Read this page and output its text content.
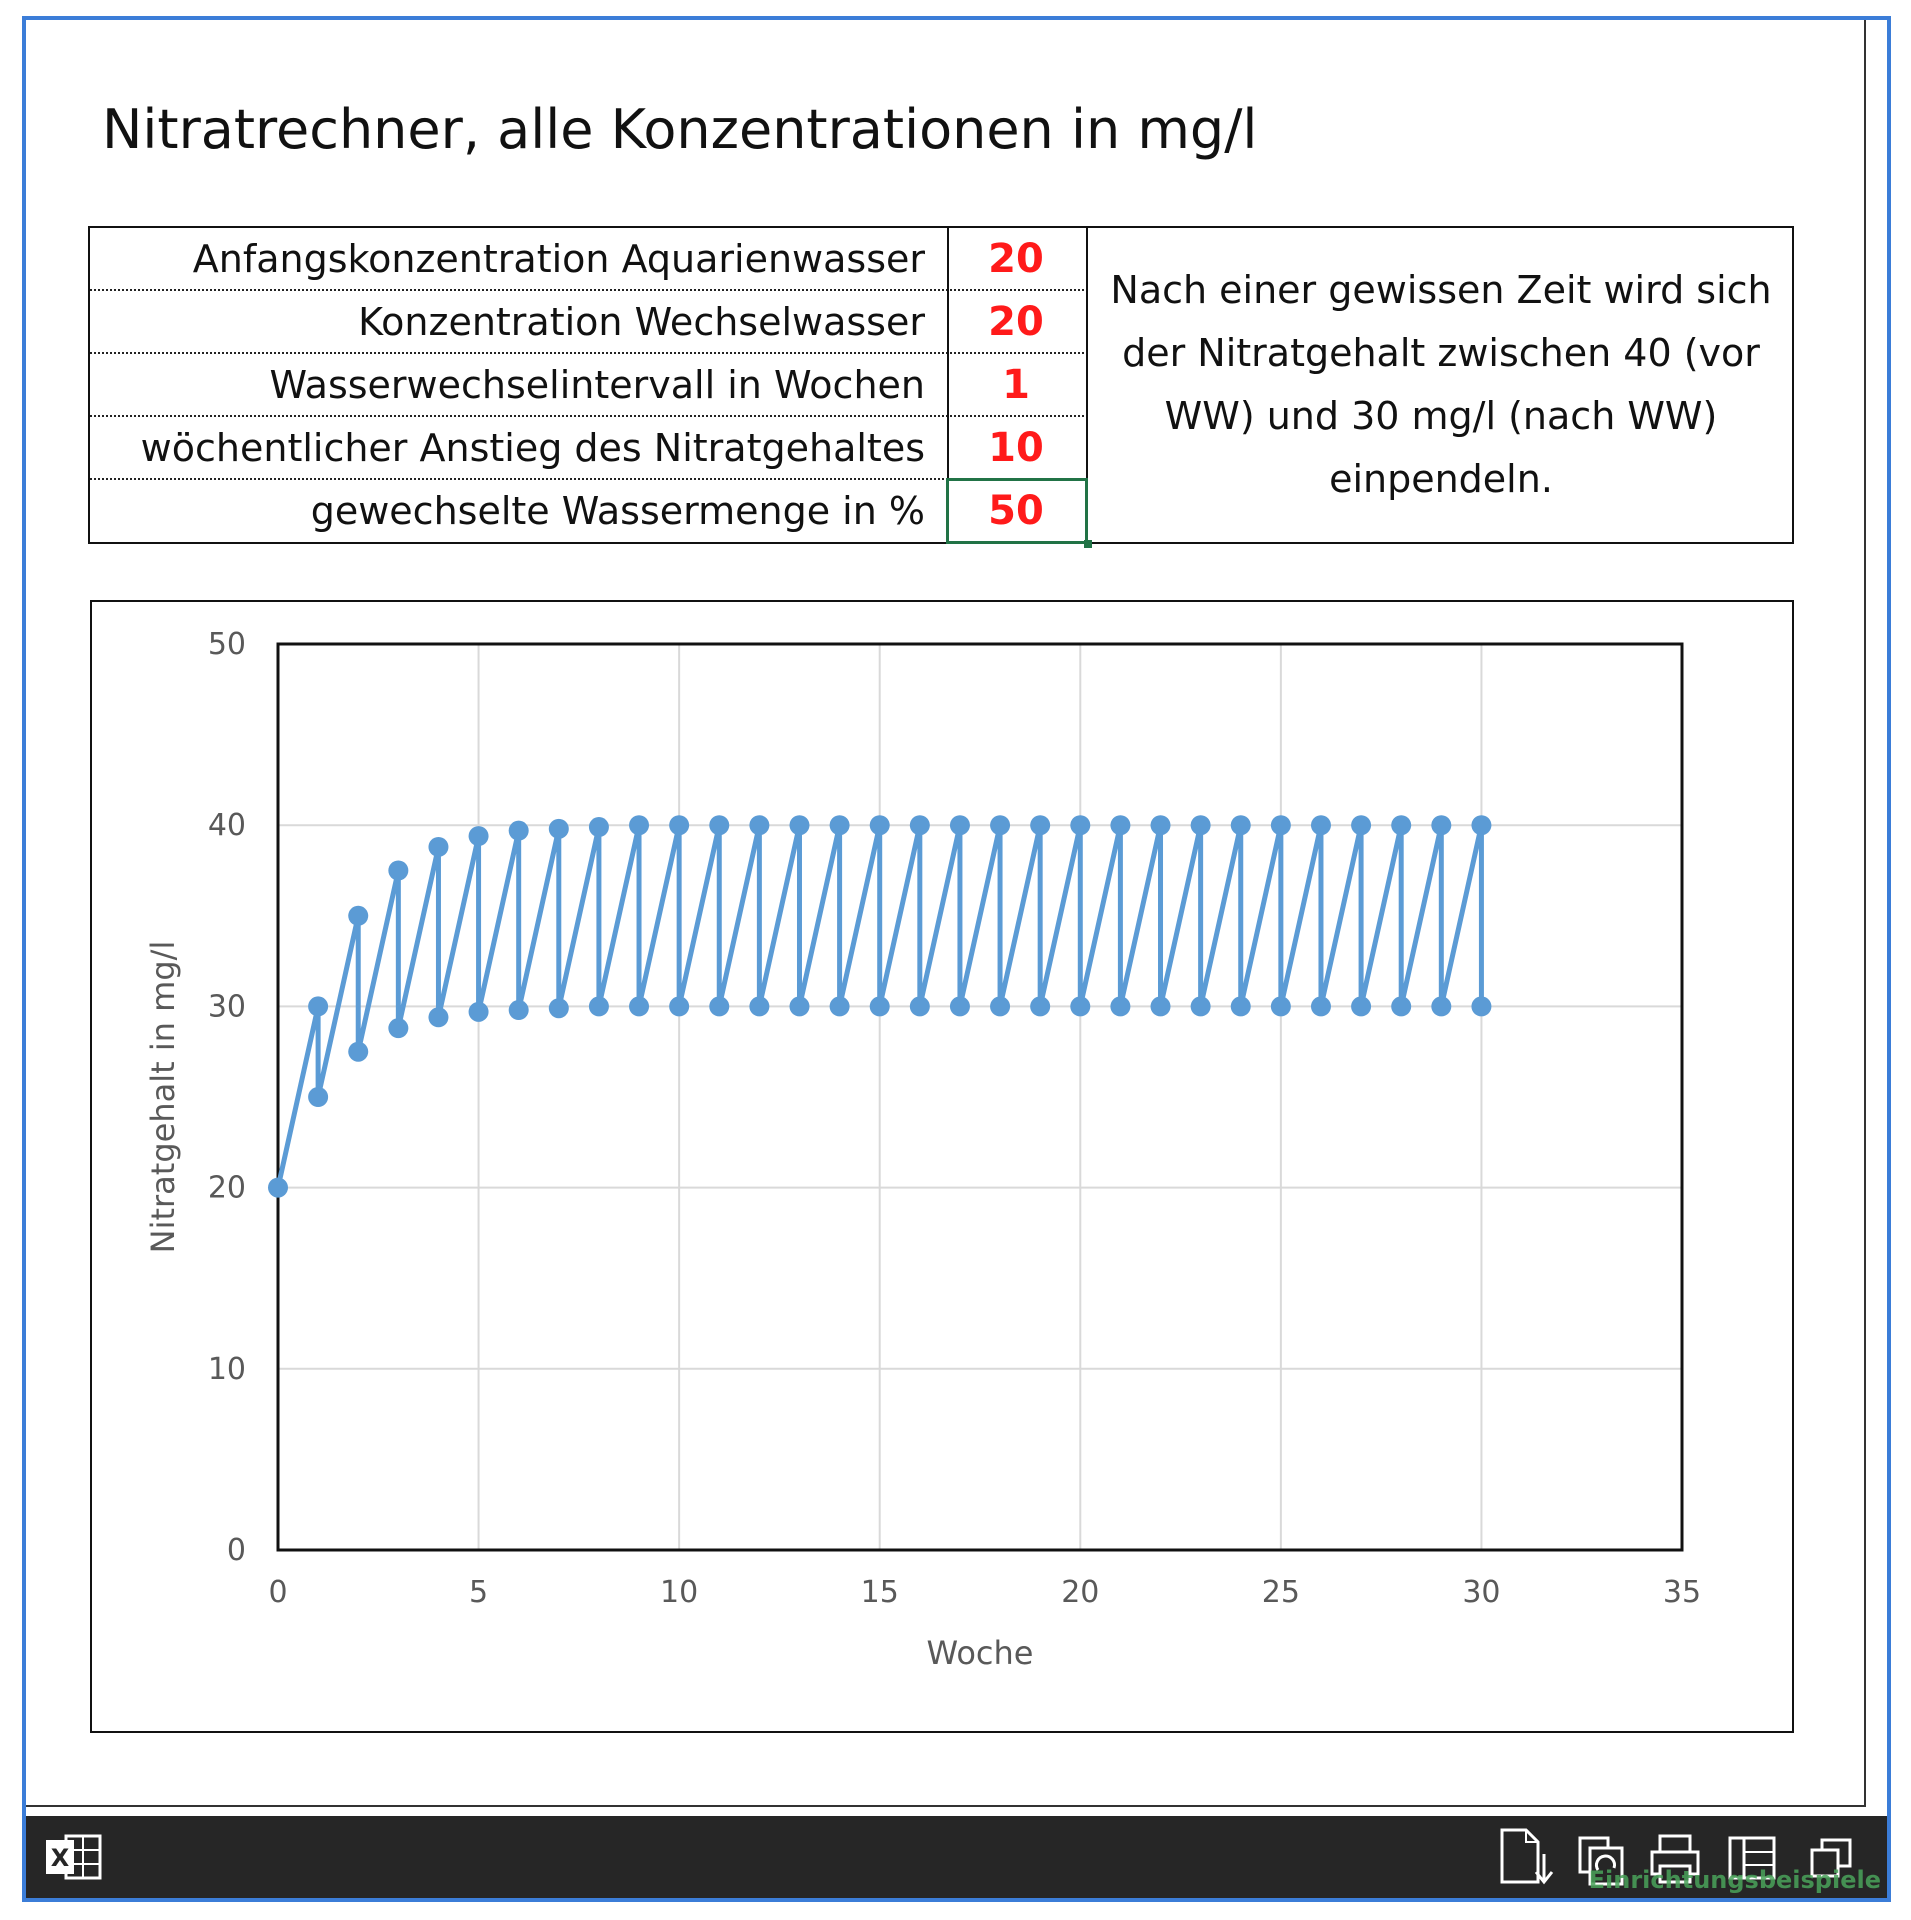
Nitratrechner, alle Konzentrationen in mg/l
Anfangskonzentration Aquarienwasser	20
Konzentration Wechselwasser	20
Wasserwechselintervall in Wochen	1
wöchentlicher Anstieg des Nitratgehaltes	10
gewechselte Wassermenge in %	50
Nach einer gewissen Zeit wird sich der Nitratgehalt zwischen 40 (vor WW) und 30 mg/l (nach WW) einpendeln.
0	5	10	15	20	25	30	35
0
10
20
30
40
50
Woche
Nitratgehalt in mg/l
X
Einrichtungsbeispiele
